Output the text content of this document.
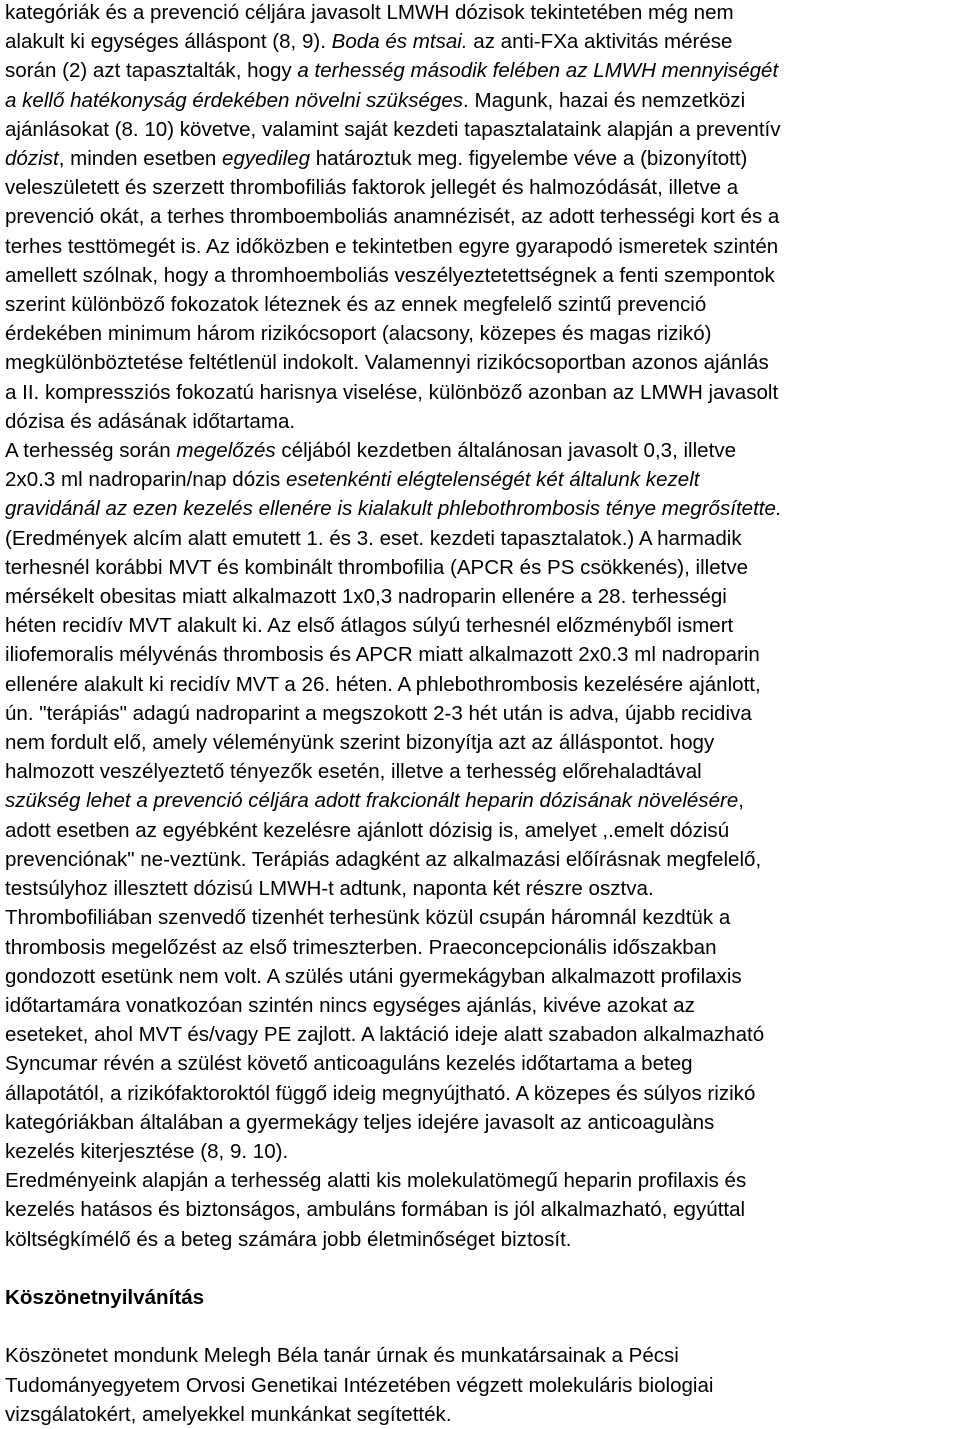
kategóriák és a prevenció céljára javasolt LMWH dózisok tekintetében még nem

alakult ki egységes álláspont (8, 9). Boda és mtsai. az anti-FXa aktivitás mérése

során (2) azt tapasztalták, hogy a terhesség második felében az LMWH mennyiségét

a kellő hatékonyság érdekében növelni szükséges. Magunk, hazai és nemzetközi

ajánlásokat (8. 10) követve, valamint saját kezdeti tapasztalataink alapján a preventív

dózist, minden esetben egyedileg határoztuk meg. figyelembe véve a (bizonyított)

veleszületett és szerzett thrombofiliás faktorok jellegét és halmozódását, illetve a

prevenció okát, a terhes thromboemboliás anamnézisét, az adott terhességi kort és a

terhes testtömegét is. Az időközben e tekintetben egyre gyarapodó ismeretek szintén

amellett szólnak, hogy a thromhoemboliás veszélyeztetettségnek a fenti szempontok

szerint különböző fokozatok léteznek és az ennek megfelelő szintű prevenció

érdekében minimum három rizikócsoport (alacsony, közepes és magas rizikó)

megkülönböztetése feltétlenül indokolt. Valamennyi rizikócsoportban azonos ajánlás

a II. kompressziós fokozatú harisnya viselése, különböző azonban az LMWH javasolt

dózisa és adásának időtartama.

A terhesség során megelőzés céljából kezdetben általánosan javasolt 0,3, illetve

2x0.3 ml nadroparin/nap dózis esetenkénti elégtelenségét két általunk kezelt

gravidánál az ezen kezelés ellenére is kialakult phlebothrombosis ténye megrősítette.

(Eredmények alcím alatt emutett 1. és 3. eset. kezdeti tapasztalatok.) A harmadik

terhesnél korábbi MVT és kombinált thrombofilia (APCR és PS csökkenés), illetve

mérsékelt obesitas miatt alkalmazott 1x0,3 nadroparin ellenére a 28. terhességi

héten recidív MVT alakult ki. Az első átlagos súlyú terhesnél előzményből ismert

iliofemoralis mélyvénás thrombosis és APCR miatt alkalmazott 2x0.3 ml nadroparin

ellenére alakult ki recidív MVT a 26. héten. A phlebothrombosis kezelésére ajánlott,

ún. "terápiás" adagú nadroparint a megszokott 2-3 hét után is adva, újabb recidiva

nem fordult elő, amely véleményünk szerint bizonyítja azt az álláspontot. hogy

halmozott veszélyeztető tényezők esetén, illetve a terhesség előrehaladtával

szükség lehet a prevenció céljára adott frakcionált heparin dózisának növelésére,

adott esetben az egyébként kezelésre ajánlott dózisig is, amelyet ,.emelt dózisú

prevenciónak" ne-veztünk. Terápiás adagként az alkalmazási előírásnak megfelelő,

testsúlyhoz illesztett dózisú LMWH-t adtunk, naponta két részre osztva.

Thrombofiliában szenvedő tizenhét terhesünk közül csupán háromnál kezdtük a

thrombosis megelőzést az első trimeszterben. Praeconcepcionális időszakban

gondozott esetünk nem volt. A szülés utáni gyermekágyban alkalmazott profilaxis

időtartamára vonatkozóan szintén nincs egységes ajánlás, kivéve azokat az

eseteket, ahol MVT és/vagy PE zajlott. A laktáció ideje alatt szabadon alkalmazható

Syncumar révén a szülést követő anticoaguláns kezelés időtartama a beteg

állapotától, a rizikófaktoroktól függő ideig megnyújtható. A közepes és súlyos rizikó

kategóriákban általában a gyermekágy teljes idejére javasolt az anticoagulàns

kezelés kiterjesztése (8, 9. 10).

Eredményeink alapján a terhesség alatti kis molekulatömegű heparin profilaxis és

kezelés hatásos és biztonságos, ambuláns formában is jól alkalmazható, egyúttal

költségkímélő és a beteg számára jobb életminőséget biztosít.

Köszönetnyilvánítás

Köszönetet mondunk Melegh Béla tanár úrnak és munkatársainak a Pécsi

Tudományegyetem Orvosi Genetikai Intézetében végzett molekuláris biologiai

vizsgálatokért, amelyekkel munkánkat segítették.
